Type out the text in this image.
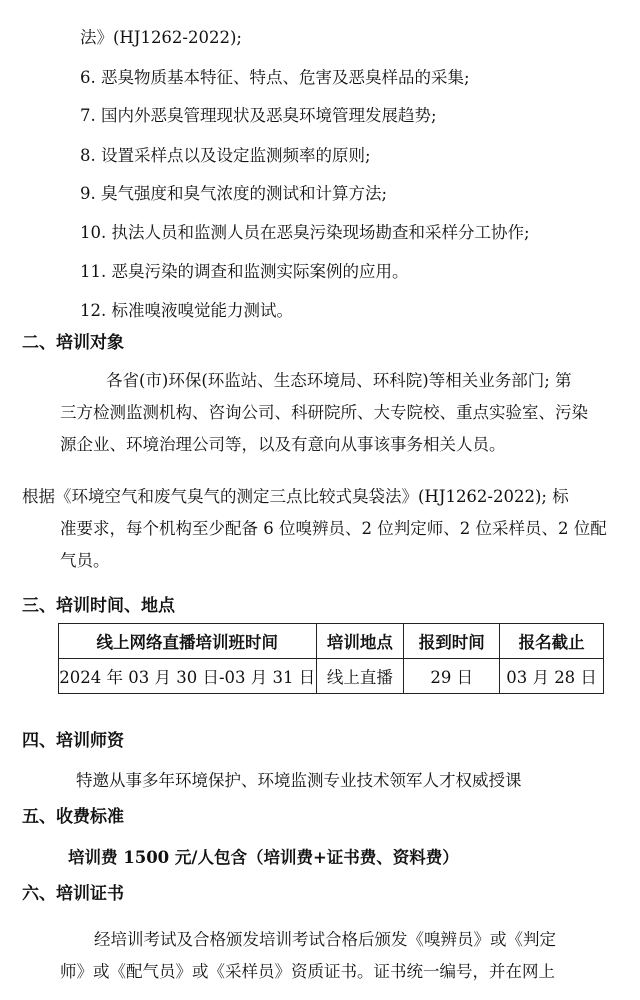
法》(HJ1262-2022);
6. 恶臭物质基本特征、特点、危害及恶臭样品的采集;
7. 国内外恶臭管理现状及恶臭环境管理发展趋势;
8. 设置采样点以及设定监测频率的原则;
9. 臭气强度和臭气浓度的测试和计算方法;
10. 执法人员和监测人员在恶臭污染现场勘查和采样分工协作;
11. 恶臭污染的调查和监测实际案例的应用。
12. 标准嗅液嗅觉能力测试。
二、培训对象

各省(市)环保(环监站、生态环境局、环科院)等相关业务部门; 第

三方检测监测机构、咨询公司、科研院所、大专院校、重点实验室、污染

源企业、环境治理公司等，以及有意向从事该事务相关人员。

根据《环境空气和废气臭气的测定三点比较式臭袋法》(HJ1262-2022); 标

准要求，每个机构至少配备 6 位嗅辨员、2 位判定师、2 位采样员、2 位配

气员。

三、培训时间、地点
线上网络直播培训班时间	培训地点	报到时间	报名截止
2024 年 03 月 30 日-03 月 31 日	线上直播	29 日	03 月 28 日
四、培训师资
特邀从事多年环境保护、环境监测专业技术领军人才权威授课
五、收费标准
培训费 1500 元/人包含（培训费+证书费、资料费）
六、培训证书

经培训考试及合格颁发培训考试合格后颁发《嗅辨员》或《判定

师》或《配气员》或《采样员》资质证书。证书统一编号，并在网上
